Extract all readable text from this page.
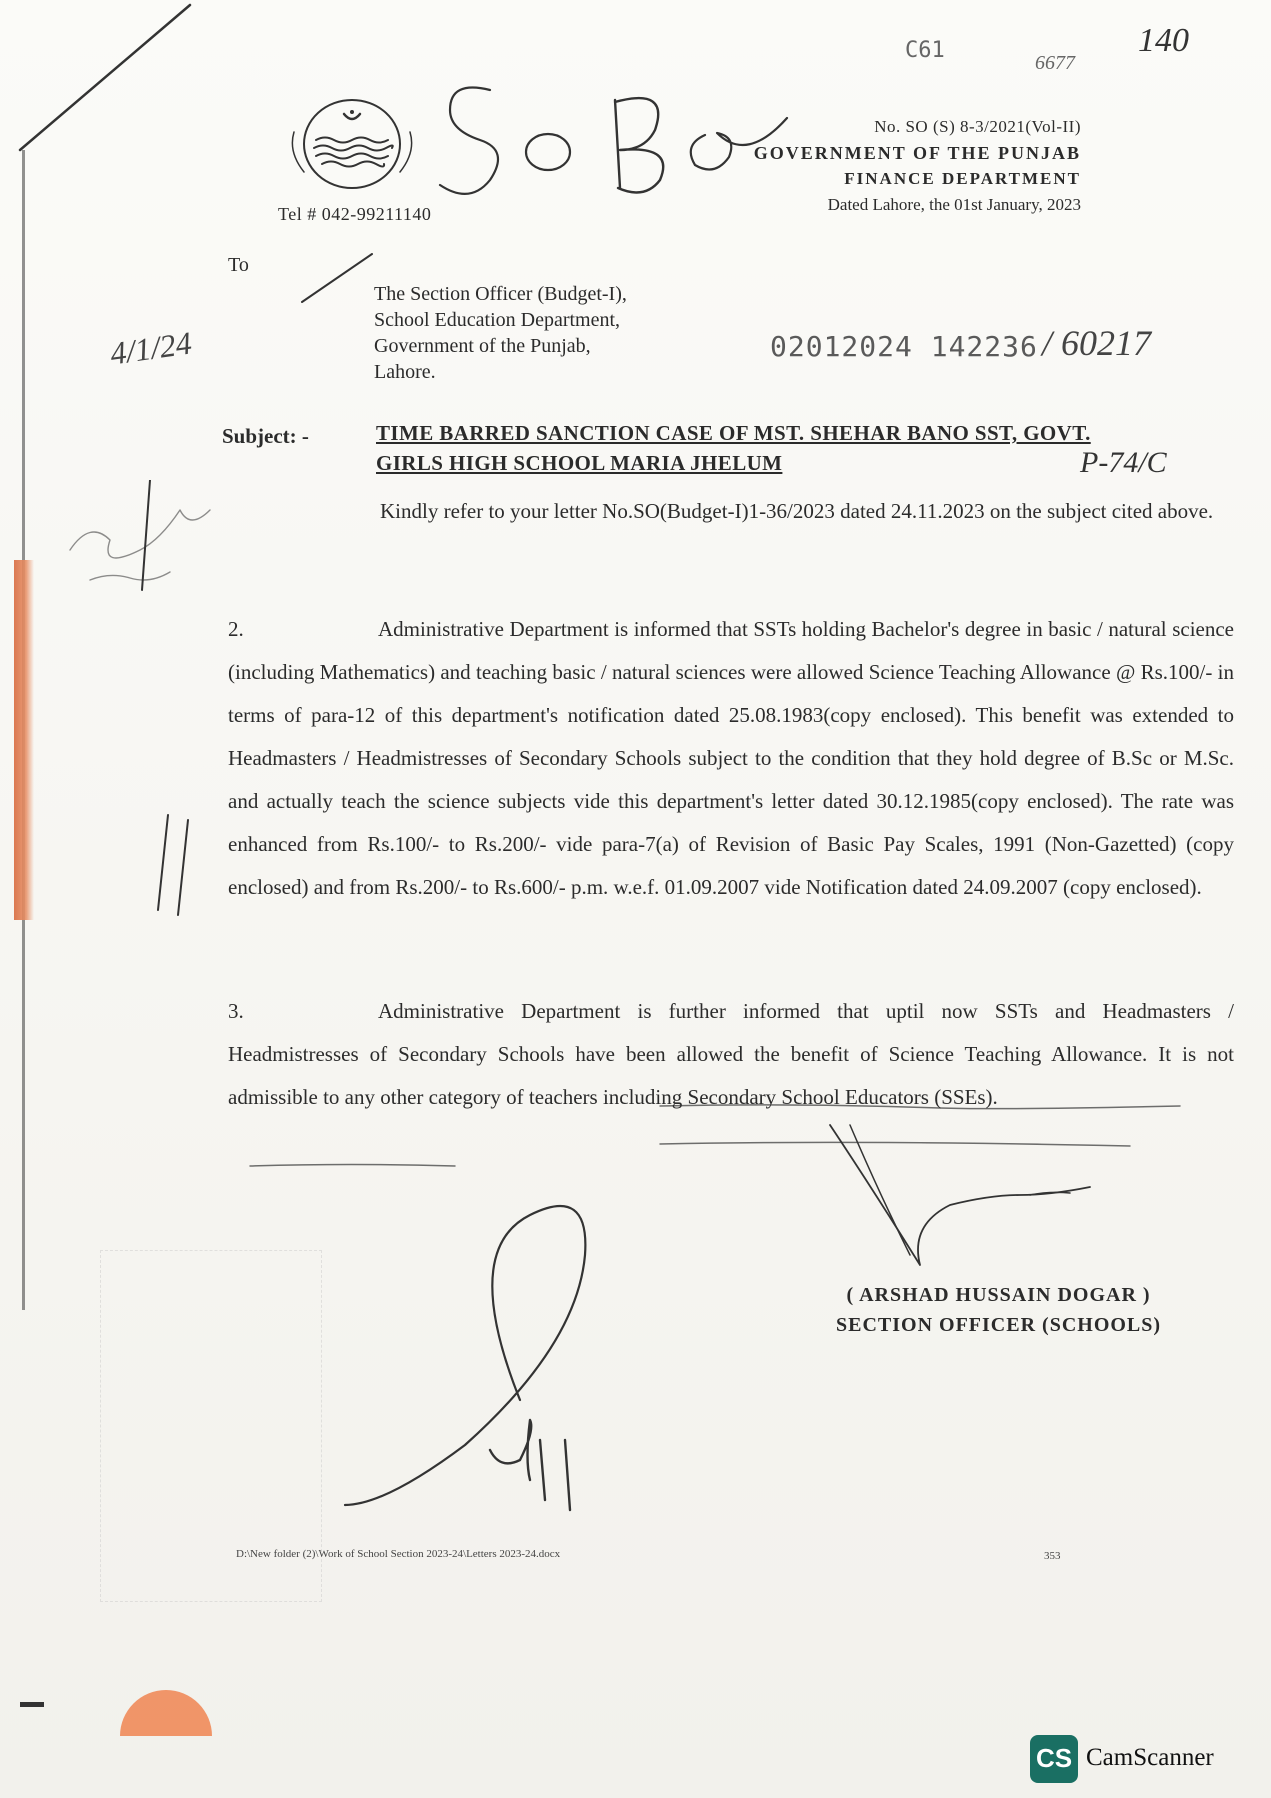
C61	6677
140
No. SO (S) 8-3/2021(Vol-II)
GOVERNMENT OF THE PUNJAB
FINANCE DEPARTMENT
Dated Lahore, the 01st January, 2023
Tel # 042-99211140
To
The Section Officer (Budget-I),
School Education Department,
Government of the Punjab,
Lahore.
02012024 142236 / 60217
4/1/24
Subject: -	TIME BARRED SANCTION CASE OF MST. SHEHAR BANO SST, GOVT.
GIRLS HIGH SCHOOL MARIA JHELUM	P-74/C
Kindly refer to your letter No.SO(Budget-I)1-36/2023 dated 24.11.2023 on the subject cited above.
2.	Administrative Department is informed that SSTs holding Bachelor's degree in basic / natural science (including Mathematics) and teaching basic / natural sciences were allowed Science Teaching Allowance @ Rs.100/- in terms of para-12 of this department's notification dated 25.08.1983(copy enclosed). This benefit was extended to Headmasters / Headmistresses of Secondary Schools subject to the condition that they hold degree of B.Sc or M.Sc. and actually teach the science subjects vide this department's letter dated 30.12.1985(copy enclosed). The rate was enhanced from Rs.100/- to Rs.200/- vide para-7(a) of Revision of Basic Pay Scales, 1991 (Non-Gazetted) (copy enclosed) and from Rs.200/- to Rs.600/- p.m. w.e.f. 01.09.2007 vide Notification dated 24.09.2007 (copy enclosed).
3.	Administrative Department is further informed that uptil now SSTs and Headmasters / Headmistresses of Secondary Schools have been allowed the benefit of Science Teaching Allowance. It is not admissible to any other category of teachers including Secondary School Educators (SSEs).
( ARSHAD HUSSAIN DOGAR )
SECTION OFFICER (SCHOOLS)
D:\New folder (2)\Work of School Section 2023-24\Letters 2023-24.docx	353
CS CamScanner
